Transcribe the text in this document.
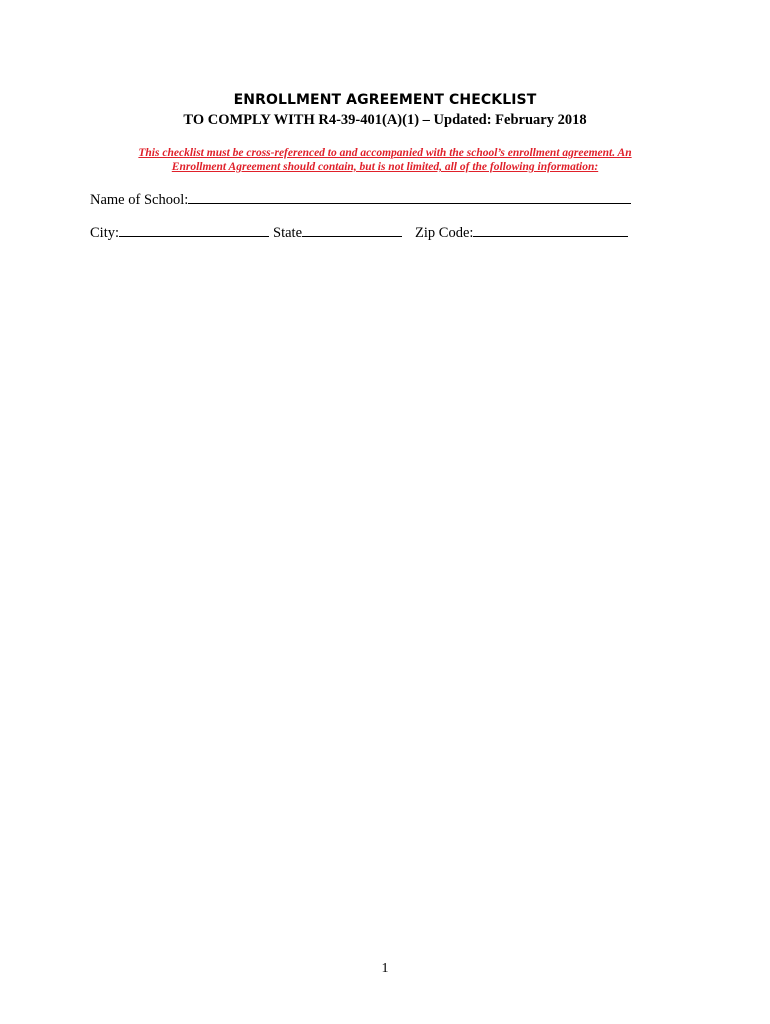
ENROLLMENT AGREEMENT CHECKLIST
TO COMPLY WITH R4-39-401(A)(1) – Updated: February 2018
This checklist must be cross-referenced to and accompanied with the school’s enrollment agreement. An
Enrollment Agreement should contain, but is not limited, all of the following information:
Name of School:
City:	State	Zip Code:
1
